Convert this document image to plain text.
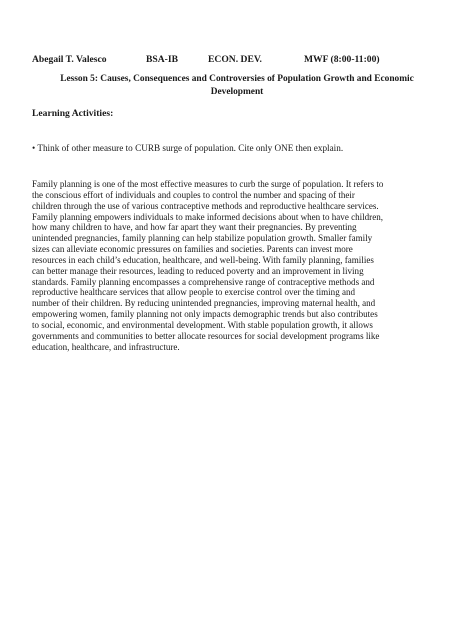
Abegail T. Valesco	BSA-IB	ECON. DEV.	MWF (8:00-11:00)
Lesson 5: Causes, Consequences and Controversies of Population Growth and Economic
Development
Learning Activities:
• Think of other measure to CURB surge of population. Cite only ONE then explain.
Family planning is one of the most effective measures to curb the surge of population. It refers to
the conscious effort of individuals and couples to control the number and spacing of their
children through the use of various contraceptive methods and reproductive healthcare services.
Family planning empowers individuals to make informed decisions about when to have children,
how many children to have, and how far apart they want their pregnancies. By preventing
unintended pregnancies, family planning can help stabilize population growth. Smaller family
sizes can alleviate economic pressures on families and societies. Parents can invest more
resources in each child’s education, healthcare, and well-being. With family planning, families
can better manage their resources, leading to reduced poverty and an improvement in living
standards. Family planning encompasses a comprehensive range of contraceptive methods and
reproductive healthcare services that allow people to exercise control over the timing and
number of their children. By reducing unintended pregnancies, improving maternal health, and
empowering women, family planning not only impacts demographic trends but also contributes
to social, economic, and environmental development. With stable population growth, it allows
governments and communities to better allocate resources for social development programs like
education, healthcare, and infrastructure.
